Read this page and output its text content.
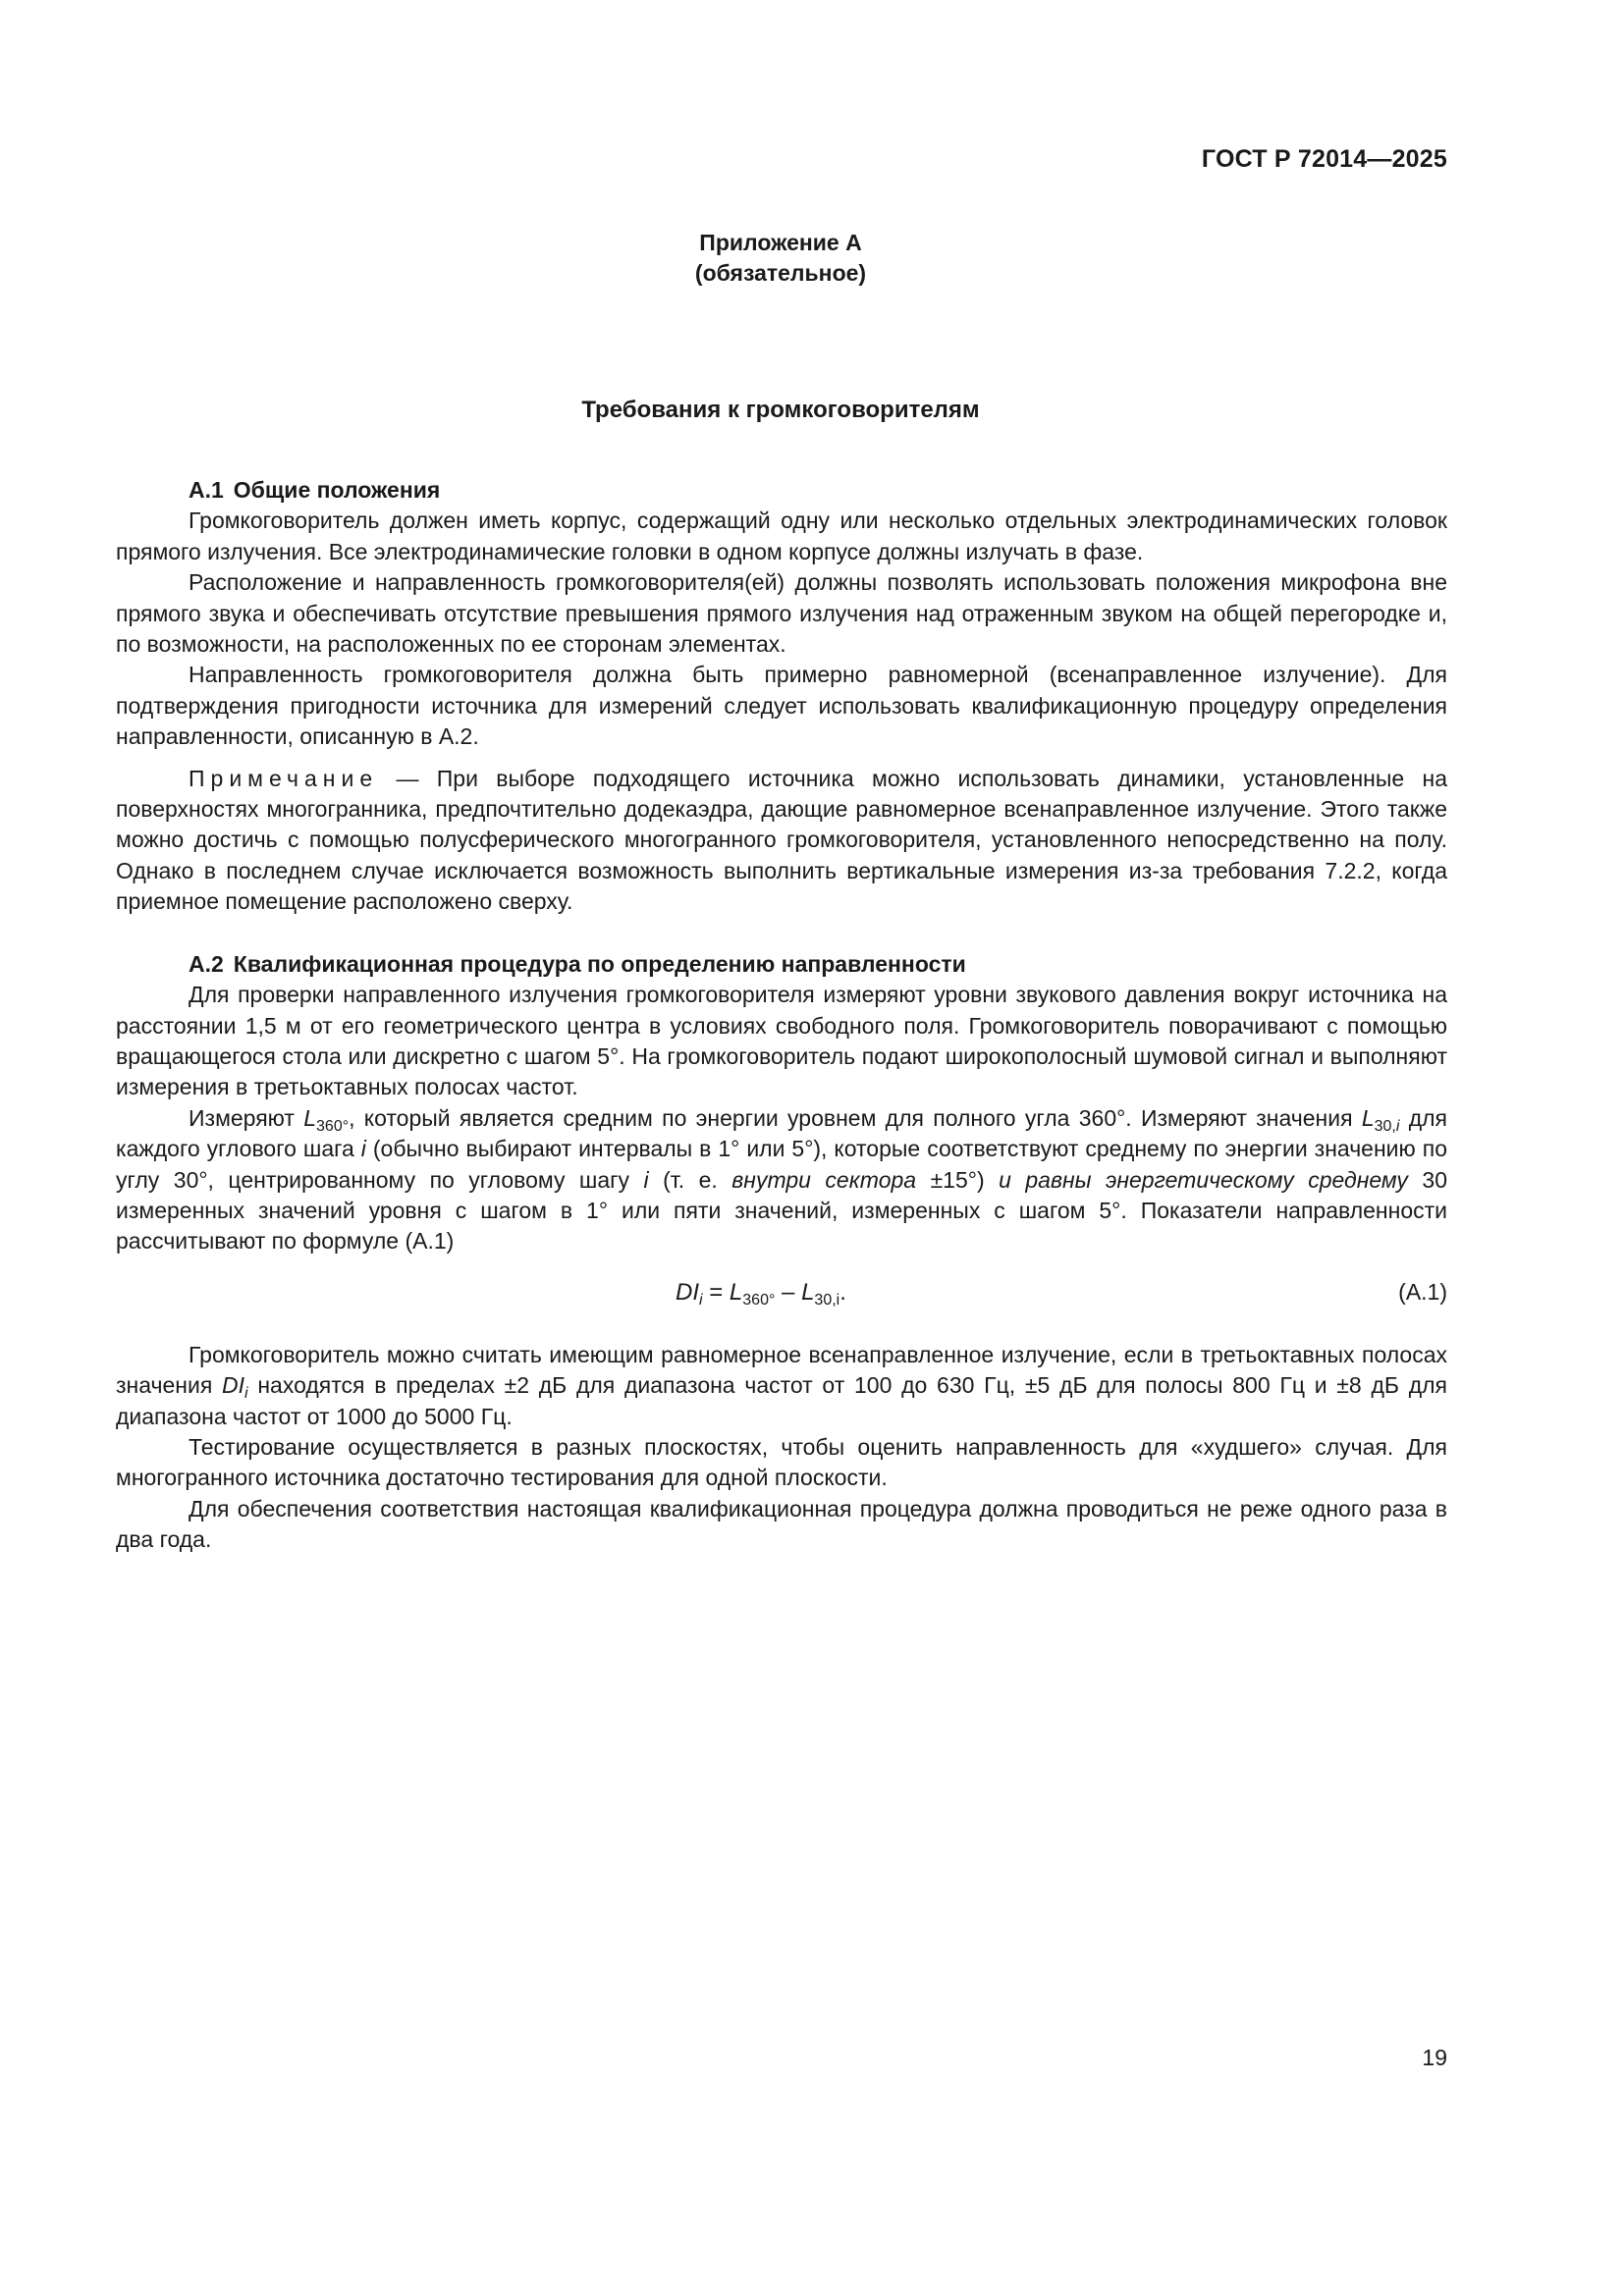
ГОСТ Р 72014—2025
Приложение А
(обязательное)
Требования к громкоговорителям
А.1 Общие положения

Громкоговоритель должен иметь корпус, содержащий одну или несколько отдельных электродинамических головок прямого излучения. Все электродинамические головки в одном корпусе должны излучать в фазе.

Расположение и направленность громкоговорителя(ей) должны позволять использовать положения микрофона вне прямого звука и обеспечивать отсутствие превышения прямого излучения над отраженным звуком на общей перегородке и, по возможности, на расположенных по ее сторонам элементах.

Направленность громкоговорителя должна быть примерно равномерной (всенаправленное излучение). Для подтверждения пригодности источника для измерений следует использовать квалификационную процедуру определения направленности, описанную в А.2.

Примечание — При выборе подходящего источника можно использовать динамики, установленные на поверхностях многогранника, предпочтительно додекаэдра, дающие равномерное всенаправленное излучение. Этого также можно достичь с помощью полусферического многогранного громкоговорителя, установленного непосредственно на полу. Однако в последнем случае исключается возможность выполнить вертикальные измерения из-за требования 7.2.2, когда приемное помещение расположено сверху.

А.2 Квалификационная процедура по определению направленности

Для проверки направленного излучения громкоговорителя измеряют уровни звукового давления вокруг источника на расстоянии 1,5 м от его геометрического центра в условиях свободного поля. Громкоговоритель поворачивают с помощью вращающегося стола или дискретно с шагом 5°. На громкоговоритель подают широкополосный шумовой сигнал и выполняют измерения в третьоктавных полосах частот.

Измеряют $L_{360^\circ}$, который является средним по энергии уровнем для полного угла 360°. Измеряют значения $L_{30,i}$ для каждого углового шага i (обычно выбирают интервалы в 1° или 5°), которые соответствуют среднему по энергии значению по углу 30°, центрированному по угловому шагу i (т. е. внутри сектора ±15°) и равны энергетическому среднему 30 измеренных значений уровня с шагом в 1° или пяти значений, измеренных с шагом 5°. Показатели направленности рассчитывают по формуле (А.1)

$DI_i = L_{360^\circ} - L_{30,i}$.	(А.1)

Громкоговоритель можно считать имеющим равномерное всенаправленное излучение, если в третьоктавных полосах значения $DI_i$ находятся в пределах ±2 дБ для диапазона частот от 100 до 630 Гц, ±5 дБ для полосы 800 Гц и ±8 дБ для диапазона частот от 1000 до 5000 Гц.

Тестирование осуществляется в разных плоскостях, чтобы оценить направленность для «худшего» случая. Для многогранного источника достаточно тестирования для одной плоскости.

Для обеспечения соответствия настоящая квалификационная процедура должна проводиться не реже одного раза в два года.

19
